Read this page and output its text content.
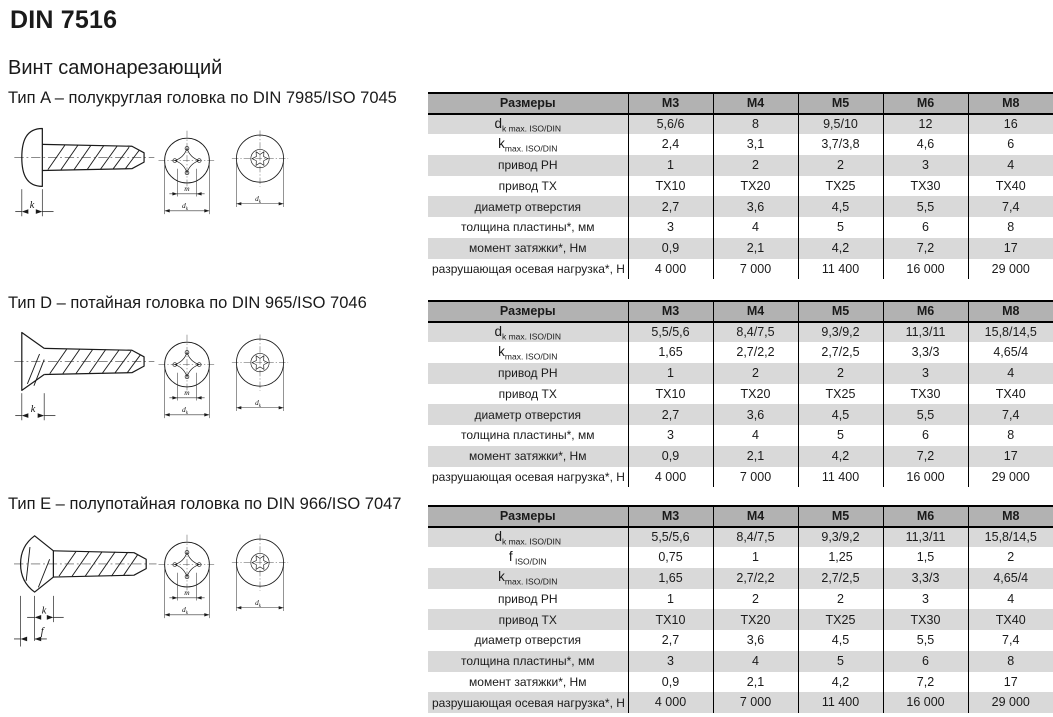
DIN 7516
Винт самонарезающий
Тип A – полукруглая головка по DIN 7985/ISO 7045
Тип D – потайная головка по DIN 965/ISO 7046
Тип E – полупотайная головка по DIN 966/ISO 7047
k
k
k
f
Размеры	M3	M4	M5	M6	M8
$d_{k max. ISO/DIN}$	5,6/6	8	9,5/10	12	16
$k_{max. ISO/DIN}$	2,4	3,1	3,7/3,8	4,6	6
привод PH	1	2	2	3	4
привод TX	TX10	TX20	TX25	TX30	TX40
диаметр отверстия	2,7	3,6	4,5	5,5	7,4
толщина пластины*, мм	3	4	5	6	8
момент затяжки*, Нм	0,9	2,1	4,2	7,2	17
разрушающая осевая нагрузка*, Н	4 000	7 000	11 400	16 000	29 000
Размеры	M3	M4	M5	M6	M8
$d_{k max. ISO/DIN}$	5,5/5,6	8,4/7,5	9,3/9,2	11,3/11	15,8/14,5
$k_{max. ISO/DIN}$	1,65	2,7/2,2	2,7/2,5	3,3/3	4,65/4
привод PH	1	2	2	3	4
привод TX	TX10	TX20	TX25	TX30	TX40
диаметр отверстия	2,7	3,6	4,5	5,5	7,4
толщина пластины*, мм	3	4	5	6	8
момент затяжки*, Нм	0,9	2,1	4,2	7,2	17
разрушающая осевая нагрузка*, Н	4 000	7 000	11 400	16 000	29 000
Размеры	M3	M4	M5	M6	M8
$d_{k max. ISO/DIN}$	5,5/5,6	8,4/7,5	9,3/9,2	11,3/11	15,8/14,5
f $_{ISO/DIN}$	0,75	1	1,25	1,5	2
$k_{max. ISO/DIN}$	1,65	2,7/2,2	2,7/2,5	3,3/3	4,65/4
привод PH	1	2	2	3	4
привод TX	TX10	TX20	TX25	TX30	TX40
диаметр отверстия	2,7	3,6	4,5	5,5	7,4
толщина пластины*, мм	3	4	5	6	8
момент затяжки*, Нм	0,9	2,1	4,2	7,2	17
разрушающая осевая нагрузка*, Н	4 000	7 000	11 400	16 000	29 000
